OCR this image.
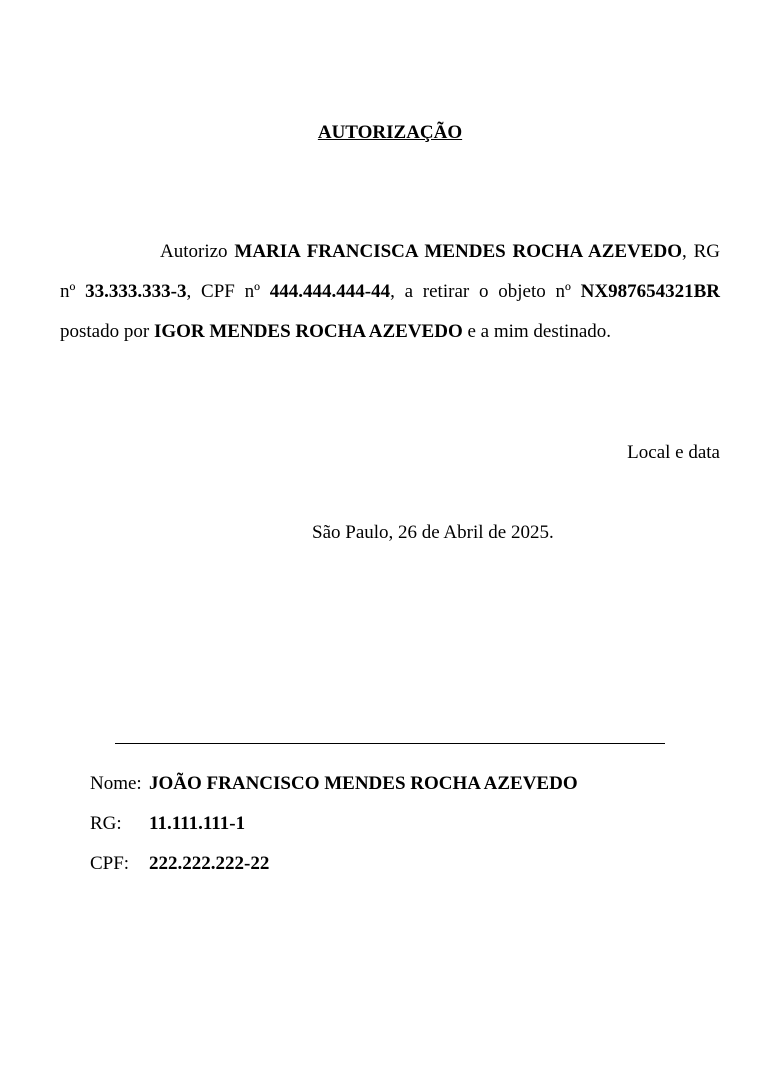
AUTORIZAÇÃO

Autorizo MARIA FRANCISCA MENDES ROCHA AZEVEDO, RG nº 33.333.333-3, CPF nº 444.444.444-44, a retirar o objeto nº NX987654321BR postado por IGOR MENDES ROCHA AZEVEDO e a mim destinado.

Local e data
São Paulo, 26 de Abril de 2025.
Nome: JOÃO FRANCISCO MENDES ROCHA AZEVEDO
RG: 11.111.111-1
CPF: 222.222.222-22
